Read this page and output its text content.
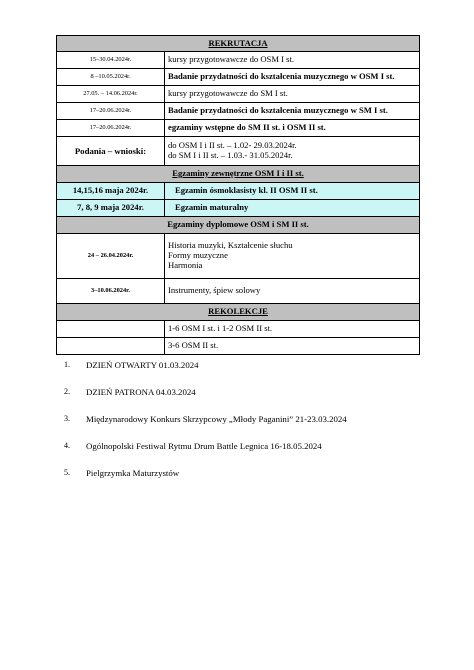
REKRUTACJA	
15–30.04.2024r.	kursy przygotowawcze do OSM I st.
8 –10.05.2024r.	Badanie przydatności do kształcenia muzycznego w OSM I st.
27.05. – 14.06.2024r.	kursy przygotowawcze do SM I st.
17–20.06.2024r.	Badanie przydatności do kształcenia muzycznego w SM I st.
17–20.06.2024r.	egzaminy wstępne do SM II st. i OSM II st.
Podania – wnioski:	do OSM I i II st. – 1.02- 29.03.2024r.
do SM I i II st. – 1.03.- 31.05.2024r.

Egzaminy zewnętrzne OSM I i II st.	
14,15,16 maja 2024r.	Egzamin ósmoklasisty kl. II OSM II st.
7, 8, 9 maja 2024r.	Egzamin maturalny
Egzaminy dyplomowe OSM i SM II st.	
24 – 26.04.2024r.	Historia muzyki, Kształcenie słuchu
Formy muzyczne
Harmonia

3–10.06.2024r.	Instrumenty, śpiew solowy
REKOLEKCJE	
	1-6 OSM I st. i 1-2 OSM II st.
	3-6 OSM II st.
1. DZIEŃ OTWARTY 01.03.2024
2. DZIEŃ PATRONA 04.03.2024
3. Międzynarodowy Konkurs Skrzypcowy „Młody Paganini” 21-23.03.2024
4. Ogólnopolski Festiwal Rytmu Drum Battle Legnica 16-18.05.2024
5. Pielgrzymka Maturzystów
